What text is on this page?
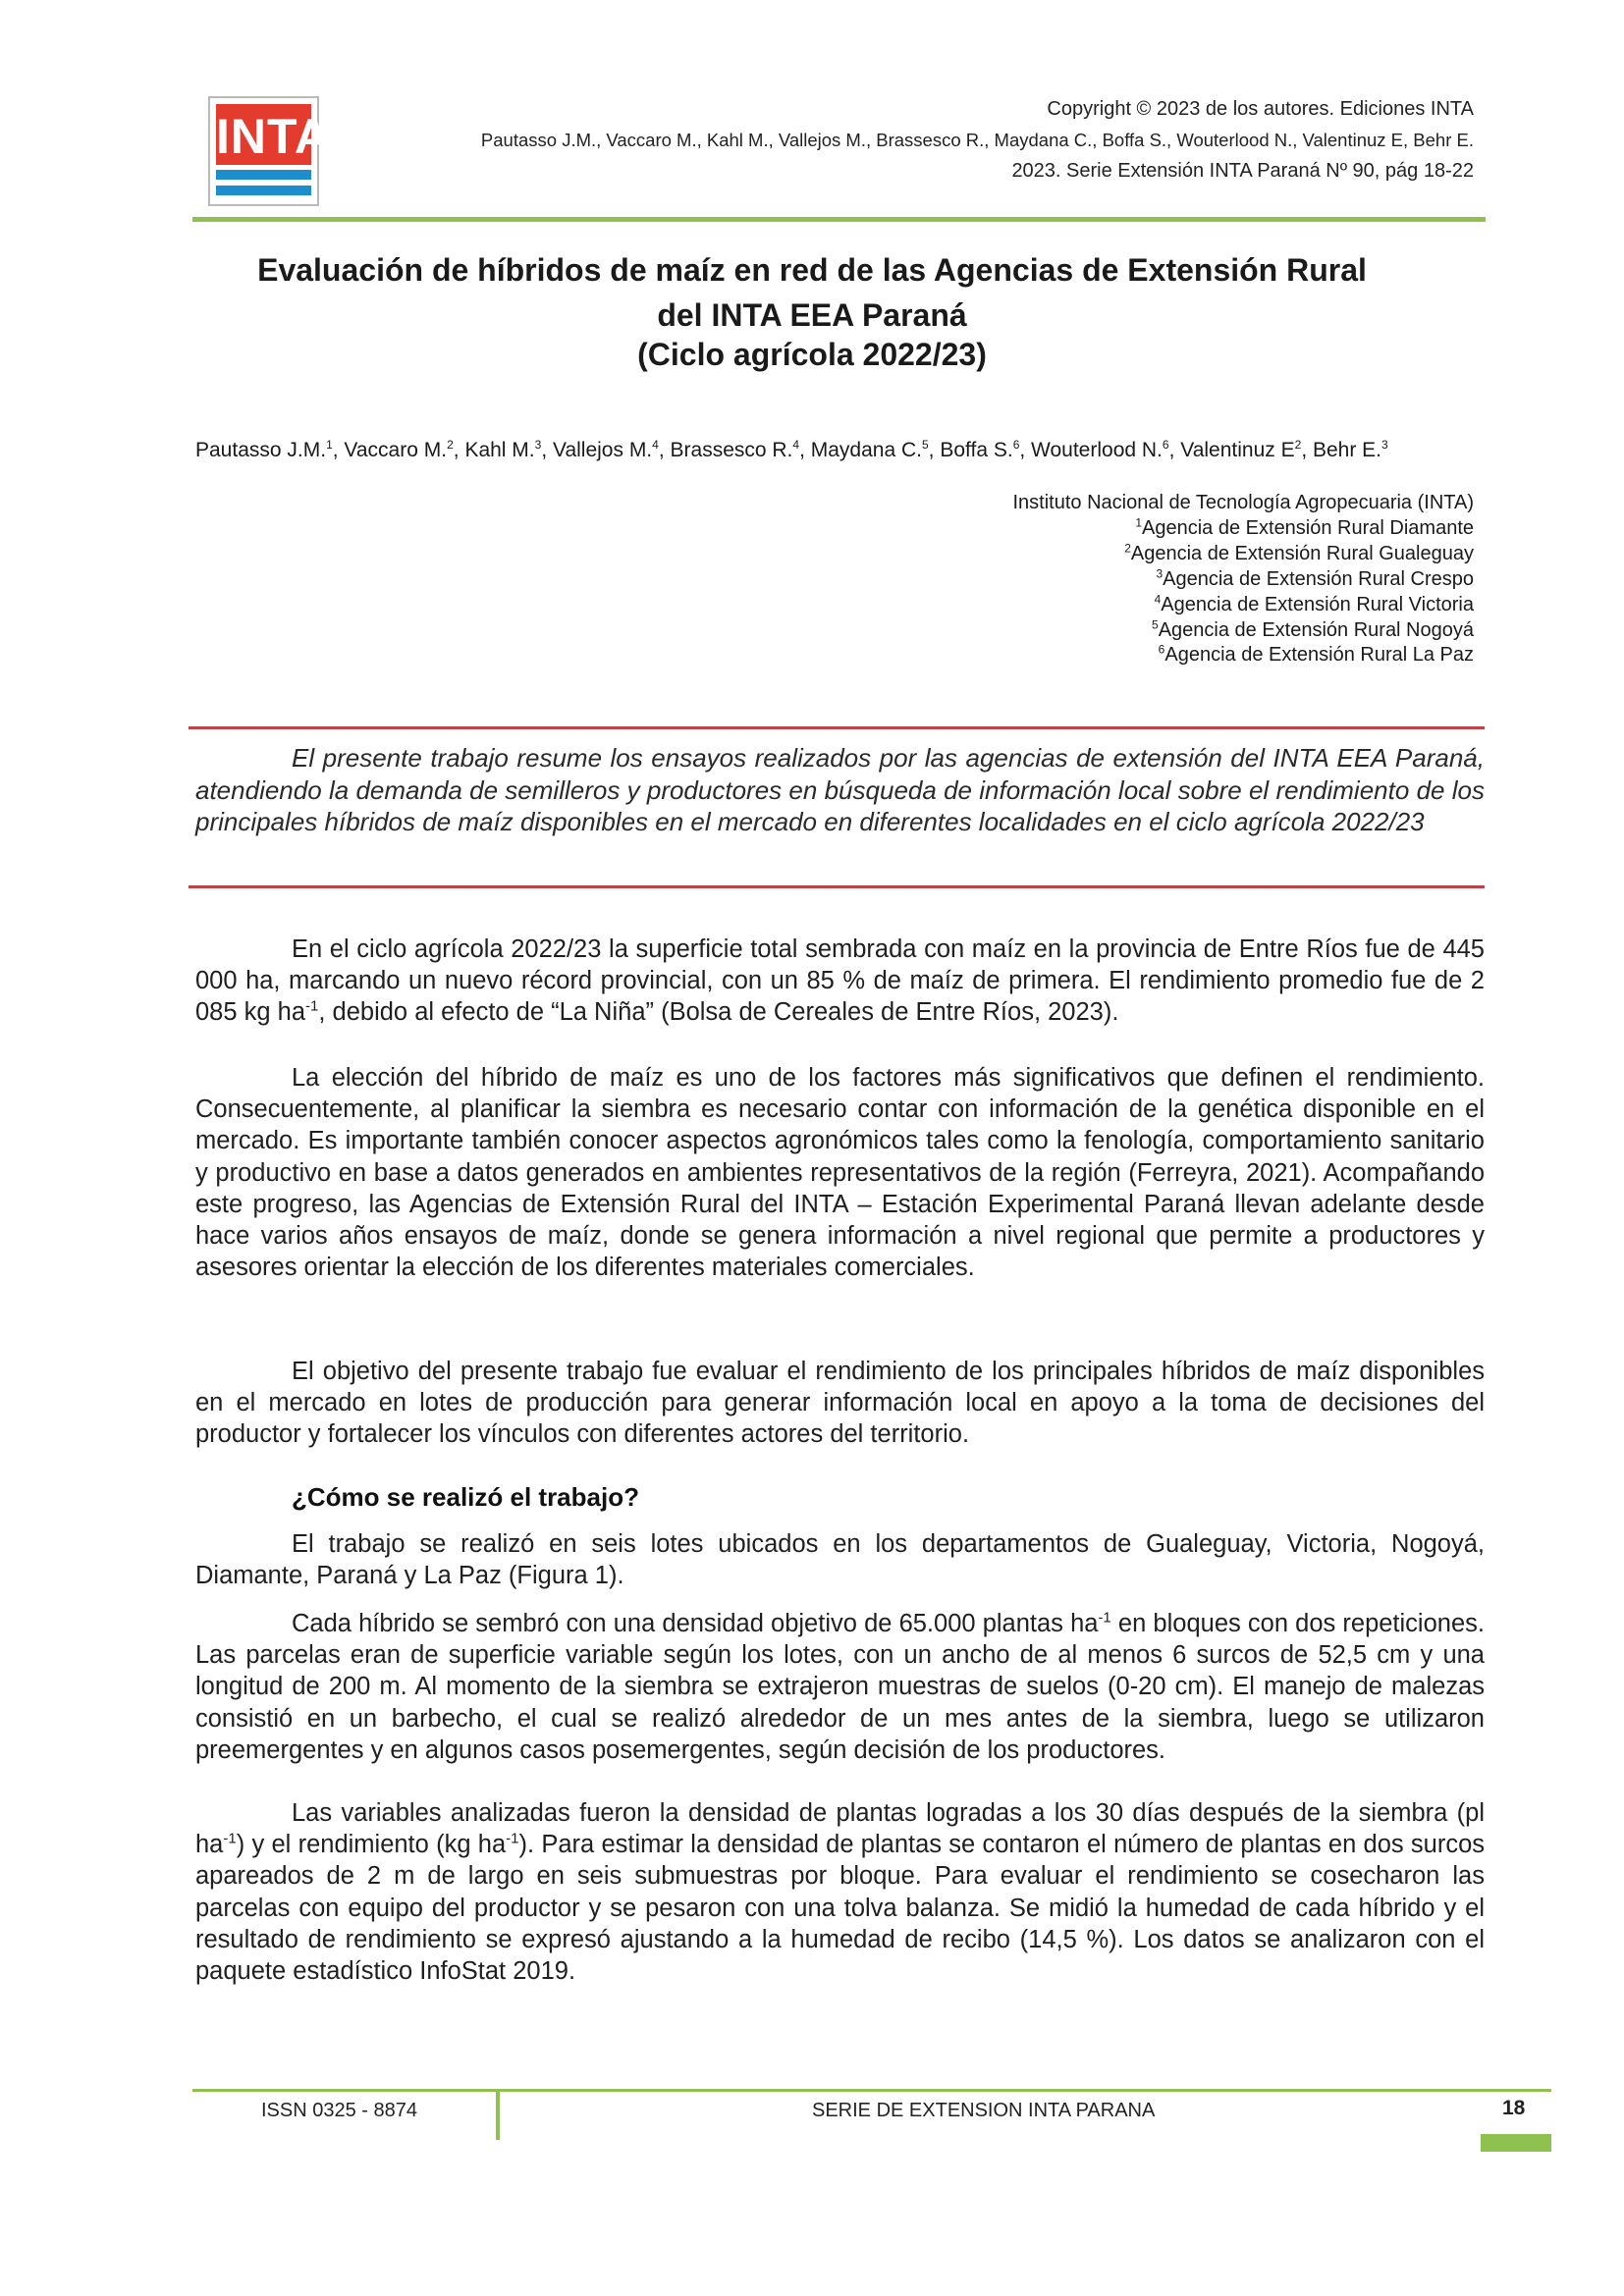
INTA	Copyright © 2023 de los autores. Ediciones INTA
Pautasso J.M., Vaccaro M., Kahl M., Vallejos M., Brassesco R., Maydana C., Boffa S., Wouterlood N., Valentinuz E, Behr E.
2023. Serie Extensión INTA Paraná Nº 90, pág 18-22
Evaluación de híbridos de maíz en red de las Agencias de Extensión Rural
del INTA EEA Paraná
(Ciclo agrícola 2022/23)
Pautasso J.M.$^1$, Vaccaro M.$^2$, Kahl M.$^3$, Vallejos M.$^4$, Brassesco R.$^4$, Maydana C.$^5$, Boffa S.$^6$, Wouterlood N.$^6$, Valentinuz $E^2$, Behr E.$^3$
Instituto Nacional de Tecnología Agropecuaria (INTA)
$^1$Agencia de Extensión Rural Diamante
$^2$Agencia de Extensión Rural Gualeguay
$^3$Agencia de Extensión Rural Crespo
$^4$Agencia de Extensión Rural Victoria
$^5$Agencia de Extensión Rural Nogoyá
$^6$Agencia de Extensión Rural La Paz
El presente trabajo resume los ensayos realizados por las agencias de extensión del INTA EEA Paraná, atendiendo la demanda de semilleros y productores en búsqueda de información local sobre el rendimiento de los principales híbridos de maíz disponibles en el mercado en diferentes localidades en el ciclo agrícola 2022/23
En el ciclo agrícola 2022/23 la superficie total sembrada con maíz en la provincia de Entre Ríos fue de 445 000 ha, marcando un nuevo récord provincial, con un 85 % de maíz de primera. El rendimiento promedio fue de 2 085 kg $ha^{-1}$, debido al efecto de “La Niña” (Bolsa de Cereales de Entre Ríos, 2023).
La elección del híbrido de maíz es uno de los factores más significativos que definen el rendimiento. Consecuentemente, al planificar la siembra es necesario contar con información de la genética disponible en el mercado. Es importante también conocer aspectos agronómicos tales como la fenología, comportamiento sanitario y productivo en base a datos generados en ambientes representativos de la región (Ferreyra, 2021). Acompañando este progreso, las Agencias de Extensión Rural del INTA – Estación Experimental Paraná llevan adelante desde hace varios años ensayos de maíz, donde se genera información a nivel regional que permite a productores y asesores orientar la elección de los diferentes materiales comerciales.
El objetivo del presente trabajo fue evaluar el rendimiento de los principales híbridos de maíz disponibles en el mercado en lotes de producción para generar información local en apoyo a la toma de decisiones del productor y fortalecer los vínculos con diferentes actores del territorio.
¿Cómo se realizó el trabajo?
El trabajo se realizó en seis lotes ubicados en los departamentos de Gualeguay, Victoria, Nogoyá, Diamante, Paraná y La Paz (Figura 1).
Cada híbrido se sembró con una densidad objetivo de 65.000 plantas $ha^{-1}$ en bloques con dos repeticiones. Las parcelas eran de superficie variable según los lotes, con un ancho de al menos 6 surcos de 52,5 cm y una longitud de 200 m. Al momento de la siembra se extrajeron muestras de suelos (0-20 cm). El manejo de malezas consistió en un barbecho, el cual se realizó alrededor de un mes antes de la siembra, luego se utilizaron preemergentes y en algunos casos posemergentes, según decisión de los productores.
Las variables analizadas fueron la densidad de plantas logradas a los 30 días después de la siembra (pl $ha^{-1}$) y el rendimiento (kg $ha^{-1}$). Para estimar la densidad de plantas se contaron el número de plantas en dos surcos apareados de 2 m de largo en seis submuestras por bloque. Para evaluar el rendimiento se cosecharon las parcelas con equipo del productor y se pesaron con una tolva balanza. Se midió la humedad de cada híbrido y el resultado de rendimiento se expresó ajustando a la humedad de recibo (14,5 %). Los datos se analizaron con el paquete estadístico InfoStat 2019.
ISSN 0325 - 8874	SERIE DE EXTENSION INTA PARANA	18
